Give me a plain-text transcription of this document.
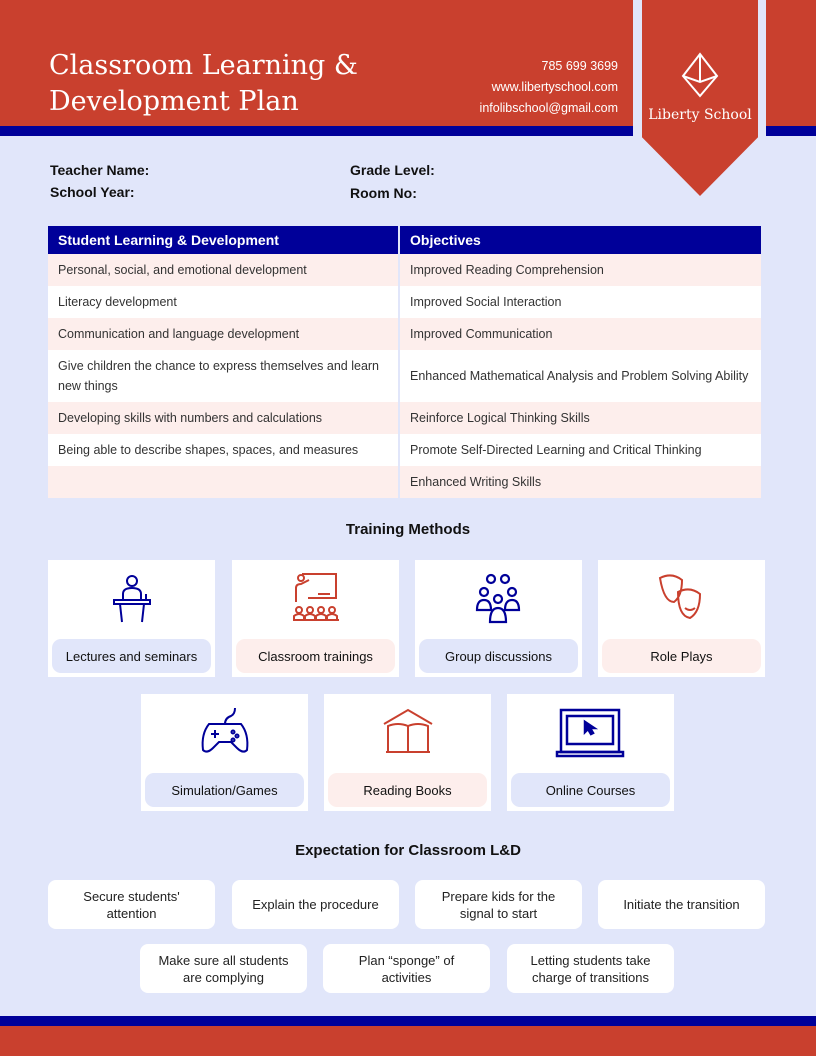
Classroom Learning &
Development Plan
785 699 3699
www.libertyschool.com
infolibschool@gmail.com	Liberty School
Teacher Name:
School Year:
Grade Level:
Room No:
Student Learning & Development	Objectives
Personal, social, and emotional development	Improved Reading Comprehension
Literacy development	Improved Social Interaction
Communication and language development	Improved Communication
Give children the chance to express themselves and learn new things	Enhanced Mathematical Analysis and Problem Solving Ability
Developing skills with numbers and calculations	Reinforce Logical Thinking Skills
Being able to describe shapes, spaces, and measures	Promote Self-Directed Learning and Critical Thinking
	Enhanced Writing Skills
Training Methods
Lectures and seminars	Classroom trainings	Group discussions	Role Plays
Simulation/Games	Reading Books	Online Courses
Expectation for Classroom L&D
Secure students' attention
Explain the procedure
Prepare kids for the signal to start
Initiate the transition
Make sure all students are complying
Plan “sponge” of activities
Letting students take charge of transitions
